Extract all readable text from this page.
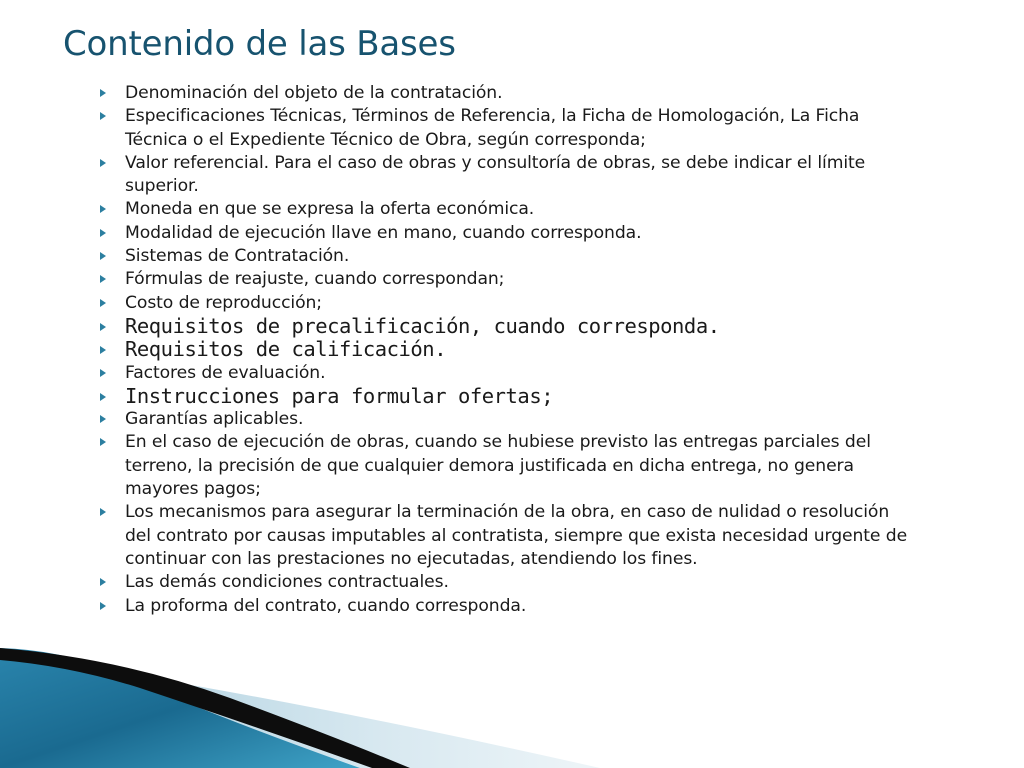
Contenido de las Bases
Denominación del objeto de la contratación.
Especificaciones Técnicas, Términos de Referencia, la Ficha de Homologación, La Ficha Técnica o el Expediente Técnico de Obra, según corresponda;
Valor referencial. Para el caso de obras y consultoría de obras, se debe indicar el límite superior.
Moneda en que se expresa la oferta económica.
Modalidad de ejecución llave en mano, cuando corresponda.
Sistemas de Contratación.
Fórmulas de reajuste, cuando correspondan;
Costo de reproducción;
Requisitos de precalificación, cuando corresponda.
Requisitos de calificación.
Factores de evaluación.
Instrucciones para formular ofertas;
Garantías aplicables.
En el caso de ejecución de obras, cuando se hubiese previsto las entregas parciales del terreno, la precisión de que cualquier demora justificada en dicha entrega, no genera mayores pagos;
Los mecanismos para asegurar la terminación de la obra, en caso de nulidad o resolución del contrato por causas imputables al contratista, siempre que exista necesidad urgente de continuar con las prestaciones no ejecutadas, atendiendo los fines.
Las demás condiciones contractuales.
La proforma del contrato, cuando corresponda.
